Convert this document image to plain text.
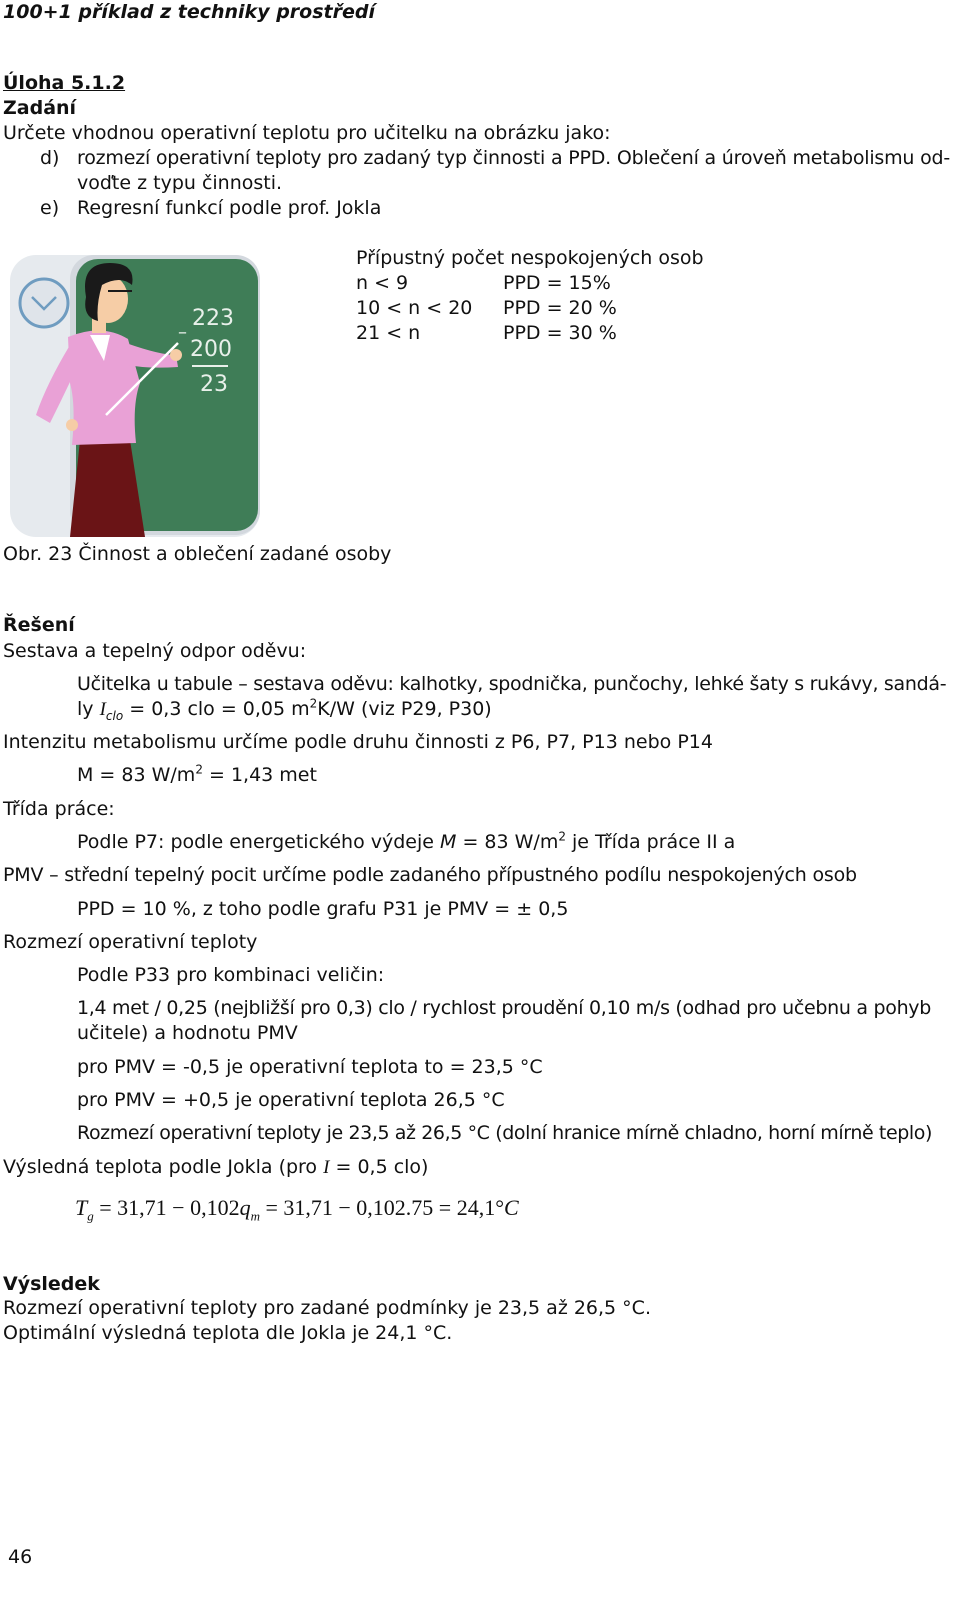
100+1 příklad z techniky prostředí
Úloha 5.1.2
Zadání
Určete vhodnou operativní teplotu pro učitelku na obrázku jako:
d) rozmezí operativní teploty pro zadaný typ činnosti a PPD. Oblečení a úroveň metabolismu od-
voďte z typu činnosti.
e) Regresní funkcí podle prof. Jokla
Přípustný počet nespokojených osob
n < 9	PPD = 15%
10 < n < 20 PPD = 20 %
21 < n	PPD = 30 %
223
–
200
23
Obr. 23 Činnost a oblečení zadané osoby
Řešení
Sestava a tepelný odpor oděvu:
Učitelka u tabule – sestava oděvu: kalhotky, spodnička, punčochy, lehké šaty s rukávy, sandá-
ly $I_{clo} = 0,3$ clo = 0,05 $m^2K/W$ (viz P29, P30)
Intenzitu metabolismu určíme podle druhu činnosti z P6, P7, P13 nebo P14
M = 83 $W/m^2 = 1,43$ met
Třída práce:
Podle P7: podle energetického výdeje M = 83 $W/m^2$ je Třída práce II a
PMV – střední tepelný pocit určíme podle zadaného přípustného podílu nespokojených osob
PPD = 10 %, z toho podle grafu P31 je PMV = ± 0,5
Rozmezí operativní teploty
Podle P33 pro kombinaci veličin:
1,4 met / 0,25 (nejbližší pro 0,3) clo / rychlost proudění 0,10 m/s (odhad pro učebnu a pohyb
učitele) a hodnotu PMV
pro PMV = -0,5 je operativní teplota to = 23,5 °C
pro PMV = +0,5 je operativní teplota 26,5 °C
Rozmezí operativní teploty je 23,5 až 26,5 °C (dolní hranice mírně chladno, horní mírně teplo)
Výsledná teplota podle Jokla (pro I = 0,5 clo)
$T_g = 31,71 - 0,102q_m = 31,71 - 0,102.75 = 24,1^\circ C$
Výsledek
Rozmezí operativní teploty pro zadané podmínky je 23,5 až 26,5 °C.
Optimální výsledná teplota dle Jokla je 24,1 °C.
46
